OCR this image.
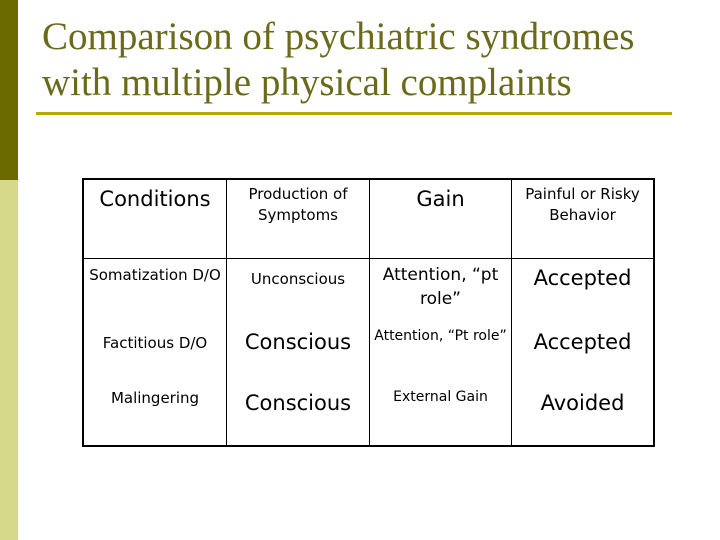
Comparison of psychiatric syndromes
with multiple physical complaints
Conditions	Production of Symptoms	Gain	Painful or Risky Behavior
Somatization D/O	Unconscious	Attention, “pt role”	Accepted
Factitious D/O	Conscious	Attention, “Pt role”	Accepted
Malingering	Conscious	External Gain	Avoided
